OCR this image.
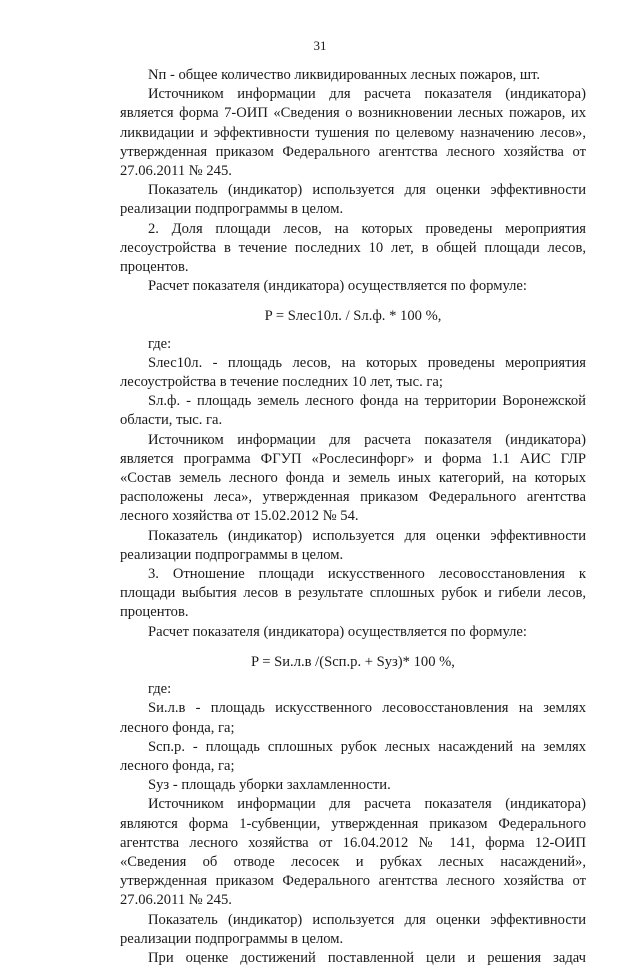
31

Nп - общее количество ликвидированных лесных пожаров, шт.

Источником информации для расчета показателя (индикатора) является форма 7-ОИП «Сведения о возникновении лесных пожаров, их ликвидации и эффективности тушения по целевому назначению лесов», утвержденная приказом Федерального агентства лесного хозяйства от 27.06.2011 № 245.

Показатель (индикатор) используется для оценки эффективности реализации подпрограммы в целом.

2. Доля площади лесов, на которых проведены мероприятия лесоустройства в течение последних 10 лет, в общей площади лесов, процентов.

Расчет показателя (индикатора) осуществляется по формуле:

P = Sлес10л. / Sл.ф. * 100 %,

где:

Sлес10л. - площадь лесов, на которых проведены мероприятия лесоустройства в течение последних 10 лет, тыс. га;

Sл.ф. - площадь земель лесного фонда на территории Воронежской области, тыс. га.

Источником информации для расчета показателя (индикатора) является программа ФГУП «Рослесинфорг» и форма 1.1 АИС ГЛР «Состав земель лесного фонда и земель иных категорий, на которых расположены леса», утвержденная приказом Федерального агентства лесного хозяйства от 15.02.2012 № 54.

Показатель (индикатор) используется для оценки эффективности реализации подпрограммы в целом.

3. Отношение площади искусственного лесовосстановления к площади выбытия лесов в результате сплошных рубок и гибели лесов, процентов.

Расчет показателя (индикатора) осуществляется по формуле:

P = Sи.л.в /(Sсп.р. + Sуз)* 100 %,

где:

Sи.л.в - площадь искусственного лесовосстановления на землях лесного фонда, га;

Sсп.р. - площадь сплошных рубок лесных насаждений на землях лесного фонда, га;

Sуз - площадь уборки захламленности.

Источником информации для расчета показателя (индикатора) являются форма 1-субвенции, утвержденная приказом Федерального агентства лесного хозяйства от 16.04.2012 № 141, форма 12-ОИП «Сведения об отводе лесосек и рубках лесных насаждений», утвержденная приказом Федерального агентства лесного хозяйства от 27.06.2011 № 245.

Показатель (индикатор) используется для оценки эффективности реализации подпрограммы в целом.

При оценке достижений поставленной цели и решения задач
